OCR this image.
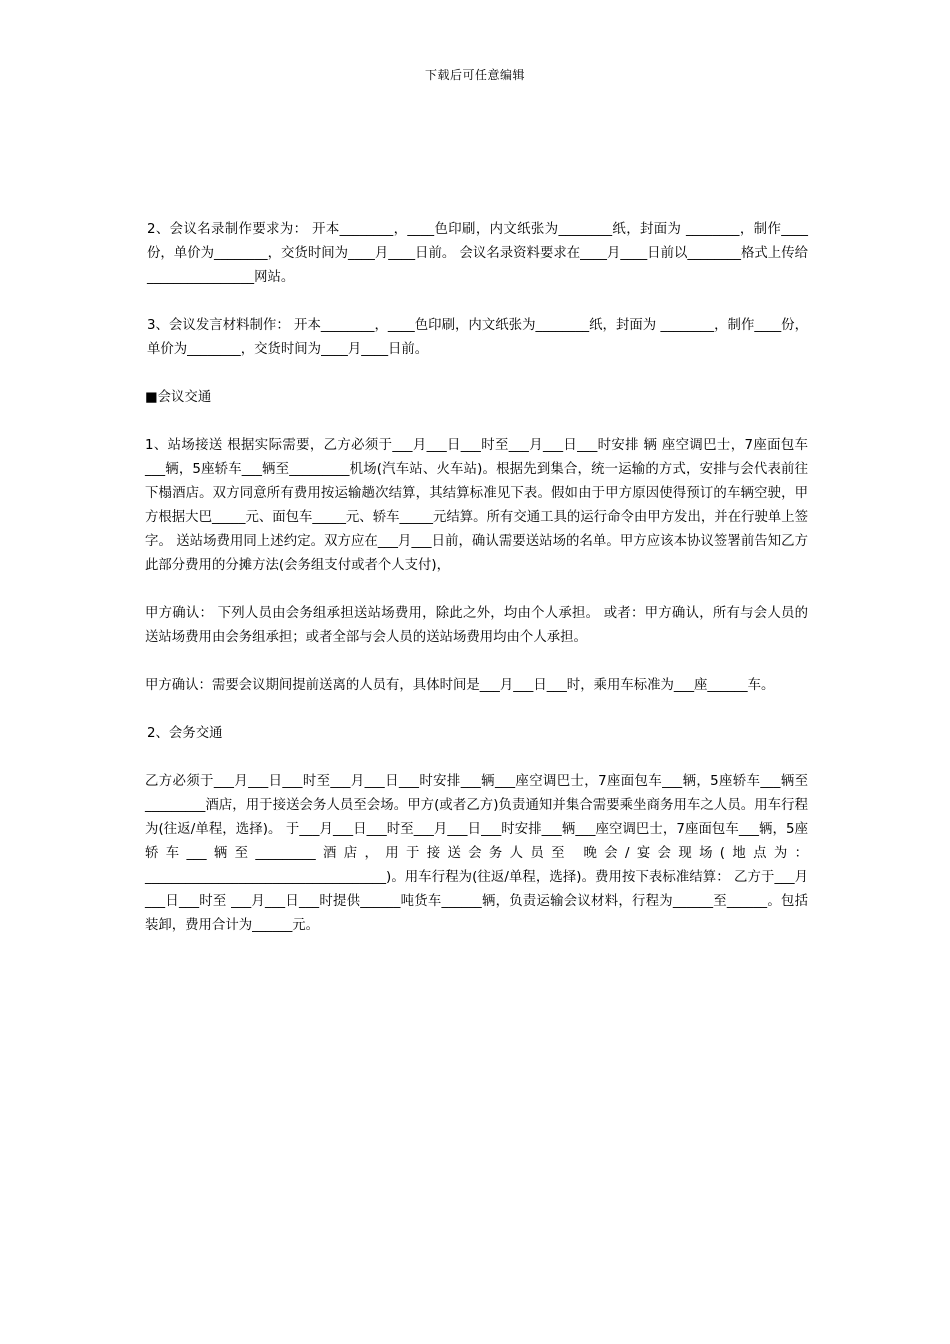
下载后可任意编辑

2、会议名录制作要求为： 开本________，____色印刷，内文纸张为________纸，封面为 ________，制作____份，单价为________，交货时间为____月____日前。 会议名录资料要求在____月____日前以________格式上传给________________网站。

3、会议发言材料制作： 开本________，____色印刷，内文纸张为________纸，封面为 ________，制作____份，单价为________，交货时间为____月____日前。

■会议交通

1、站场接送 根据实际需要，乙方必须于___月___日___时至___月___日___时安排 辆 座空调巴士，7座面包车___辆，5座轿车___辆至_________机场(汽车站、火车站)。根据先到集合，统一运输的方式，安排与会代表前往下榻酒店。双方同意所有费用按运输趟次结算，其结算标准见下表。假如由于甲方原因使得预订的车辆空驶，甲方根据大巴_____元、面包车_____元、轿车_____元结算。所有交通工具的运行命令由甲方发出，并在行驶单上签字。 送站场费用同上述约定。双方应在___月___日前，确认需要送站场的名单。甲方应该本协议签署前告知乙方此部分费用的分摊方法(会务组支付或者个人支付)，

甲方确认： 下列人员由会务组承担送站场费用，除此之外，均由个人承担。 或者：甲方确认，所有与会人员的送站场费用由会务组承担；或者全部与会人员的送站场费用均由个人承担。

甲方确认：需要会议期间提前送离的人员有，具体时间是___月___日___时，乘用车标准为___座______车。

2、会务交通

乙方必须于___月___日___时至___月___日___时安排___辆___座空调巴士，7座面包车___辆，5座轿车___辆至_________酒店，用于接送会务人员至会场。甲方(或者乙方)负责通知并集合需要乘坐商务用车之人员。用车行程为(往返/单程，选择)。 于___月___日___时至___月___日___时安排___辆___座空调巴士，7座面包车___辆，5座轿车___辆至_________酒店，用于接送会务人员至 晚会/宴会现场(地点为：____________________________________)。用车行程为(往返/单程，选择)。费用按下表标准结算： 乙方于___月___日___时至 ___月___日___时提供______吨货车______辆，负责运输会议材料，行程为______至______。包括装卸，费用合计为______元。
